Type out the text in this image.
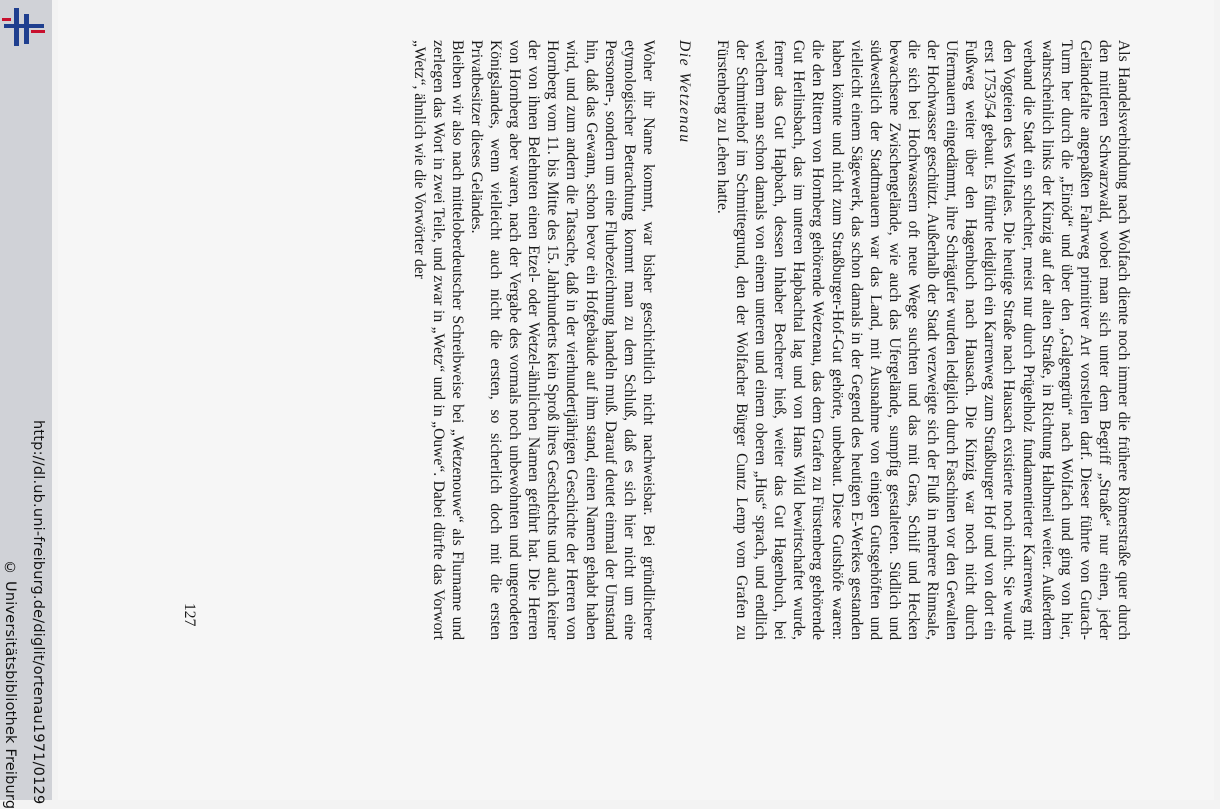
http://dl.ub.uni-freiburg.de/diglit/ortenau1971/0129
© Universitätsbibliothek Freiburg

Als Handelsverbindung nach Wolfach diente noch immer die frühere Römerstraße quer durch den mittleren Schwarzwald, wobei man sich unter dem Begriff „Straße“ nur einen, jeder Geländefalte angepaßten Fahrweg primitiver Art vorstellen darf. Dieser führte von Gutach-Turm her durch die „Einöd“ und über den „Galgengrün“ nach Wolfach und ging von hier, wahrscheinlich links der Kinzig auf der alten Straße, in Richtung Halbmeil weiter. Außerdem verband die Stadt ein schlechter, meist nur durch Prügelholz fundamentierter Karrenweg mit den Vogteien des Wolftales. Die heutige Straße nach Hausach existierte noch nicht. Sie wurde erst 1753/54 gebaut. Es führte lediglich ein Karrenweg zum Straßburger Hof und von dort ein Fußweg weiter über den Hagenbuch nach Hausach. Die Kinzig war noch nicht durch Ufermauern eingedämmt, ihre Schrägufer wurden lediglich durch Faschinen vor den Gewalten der Hochwasser geschützt. Außerhalb der Stadt verzweigte sich der Fluß in mehrere Rinnsale, die sich bei Hochwassern oft neue Wege suchten und das mit Gras, Schilf und Hecken bewachsene Zwischengelände, wie auch das Ufergelände, sumpfig gestalteten. Südlich und südwestlich der Stadtmauern war das Land, mit Ausnahme von einigen Gutsgehöften und vielleicht einem Sägewerk, das schon damals in der Gegend des heutigen E-Werkes gestanden haben könnte und nicht zum Straßburger-Hof-Gut gehörte, unbebaut. Diese Gutshöfe waren: die den Rittern von Hornberg gehörende Wetzenau, das dem Grafen zu Fürstenberg gehörende Gut Herlinsbach, das im unteren Hapbachtal lag und von Hans Wild bewirtschaftet wurde, ferner das Gut Hapbach, dessen Inhaber Becherer hieß, weiter das Gut Hagenbuch, bei welchem man schon damals von einem unteren und einem oberen „Hus“ sprach, und endlich der Schmittehof im Schmittegrund, den der Wolfacher Bürger Cuntz Lemp vom Grafen zu Fürstenberg zu Lehen hatte.

Die Wetzenau

Woher ihr Name kommt, war bisher geschichtlich nicht nachweisbar. Bei gründlicherer etymologischer Betrachtung kommt man zu dem Schluß, daß es sich hier nicht um eine Personen-, sondern um eine Flurbezeichnung handeln muß. Darauf deutet einmal der Umstand hin, daß das Gewann, schon bevor ein Hofgebäude auf ihm stand, einen Namen gehabt haben wird, und zum andern die Tatsache, daß in der vierhundertjährigen Geschichte der Herren von Hornberg vom 11. bis Mitte des 15. Jahrhunderts kein Sproß ihres Geschlechts und auch keiner der von ihnen Belehnten einen Etzel- oder Wetzel-ähnlichen Namen geführt hat. Die Herren von Hornberg aber waren, nach der Vergabe des vormals noch unbewohnten und ungerodeten Königslandes, wenn vielleicht auch nicht die ersten, so sicherlich doch mit die ersten Privatbesitzer dieses Geländes.

Bleiben wir also nach mitteloberdeutscher Schreibweise bei „Wetzenouwe“ als Flurname und zerlegen das Wort in zwei Teile, und zwar in „Wetz“ und in „Ouwe“. Dabei dürfte das Vorwort „Wetz“, ähnlich wie die Vorwörter der

127
